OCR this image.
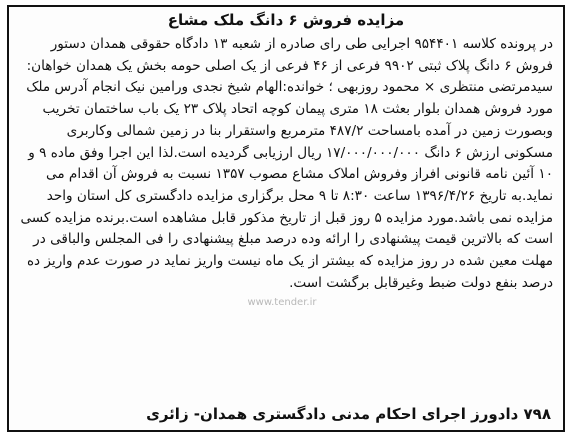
مزایده فروش ۶ دانگ ملک مشاع

در پرونده کلاسه ۹۵۴۴۰۱ اجرایی طی رای صادره از شعبه ۱۳ دادگاه حقوقی همدان دستور فروش ۶ دانگ پلاک ثبتی ۹۹۰۲ فرعی از ۴۶ فرعی از یک اصلی حومه بخش یک همدان خواهان: سیدمرتضی منتظری × محمود روزبهی ؛ خوانده:الهام شیخ نجدی ورامین نیک انجام آدرس ملک مورد فروش همدان بلوار بعثت ۱۸ متری پیمان کوچه اتحاد پلاک ۲۳ یک باب ساختمان تخریب وبصورت زمین در آمده بامساحت ۴۸۷/۲ مترمربع واستقرار بنا در زمین شمالی وکاربری مسکونی ارزش ۶ دانگ ۱۷/۰۰۰/۰۰۰/۰۰۰ ریال ارزیابی گردیده است.لذا این اجرا وفق ماده ۹ و ۱۰ آئین نامه قانونی افراز وفروش املاک مشاع مصوب ۱۳۵۷ نسبت به فروش آن اقدام می نماید.به تاریخ ۱۳۹۶/۴/۲۶ ساعت ۸:۳۰ تا ۹ محل برگزاری مزایده دادگستری کل استان واحد مزایده نمی باشد.مورد مزایده ۵ روز قبل از تاریخ مذکور قابل مشاهده است.برنده مزایده کسی است که بالاترین قیمت پیشنهادی را ارائه وده درصد مبلغ پیشنهادی را فی المجلس والباقی در مهلت معین شده در روز مزایده که بیشتر از یک ماه نیست واریز نماید در صورت عدم واریز ده درصد بنفع دولت ضبط وغیرقابل برگشت است.

www.tender.ir
۷۹۸ دادورز اجرای احکام مدنی دادگستری همدان- زائری
